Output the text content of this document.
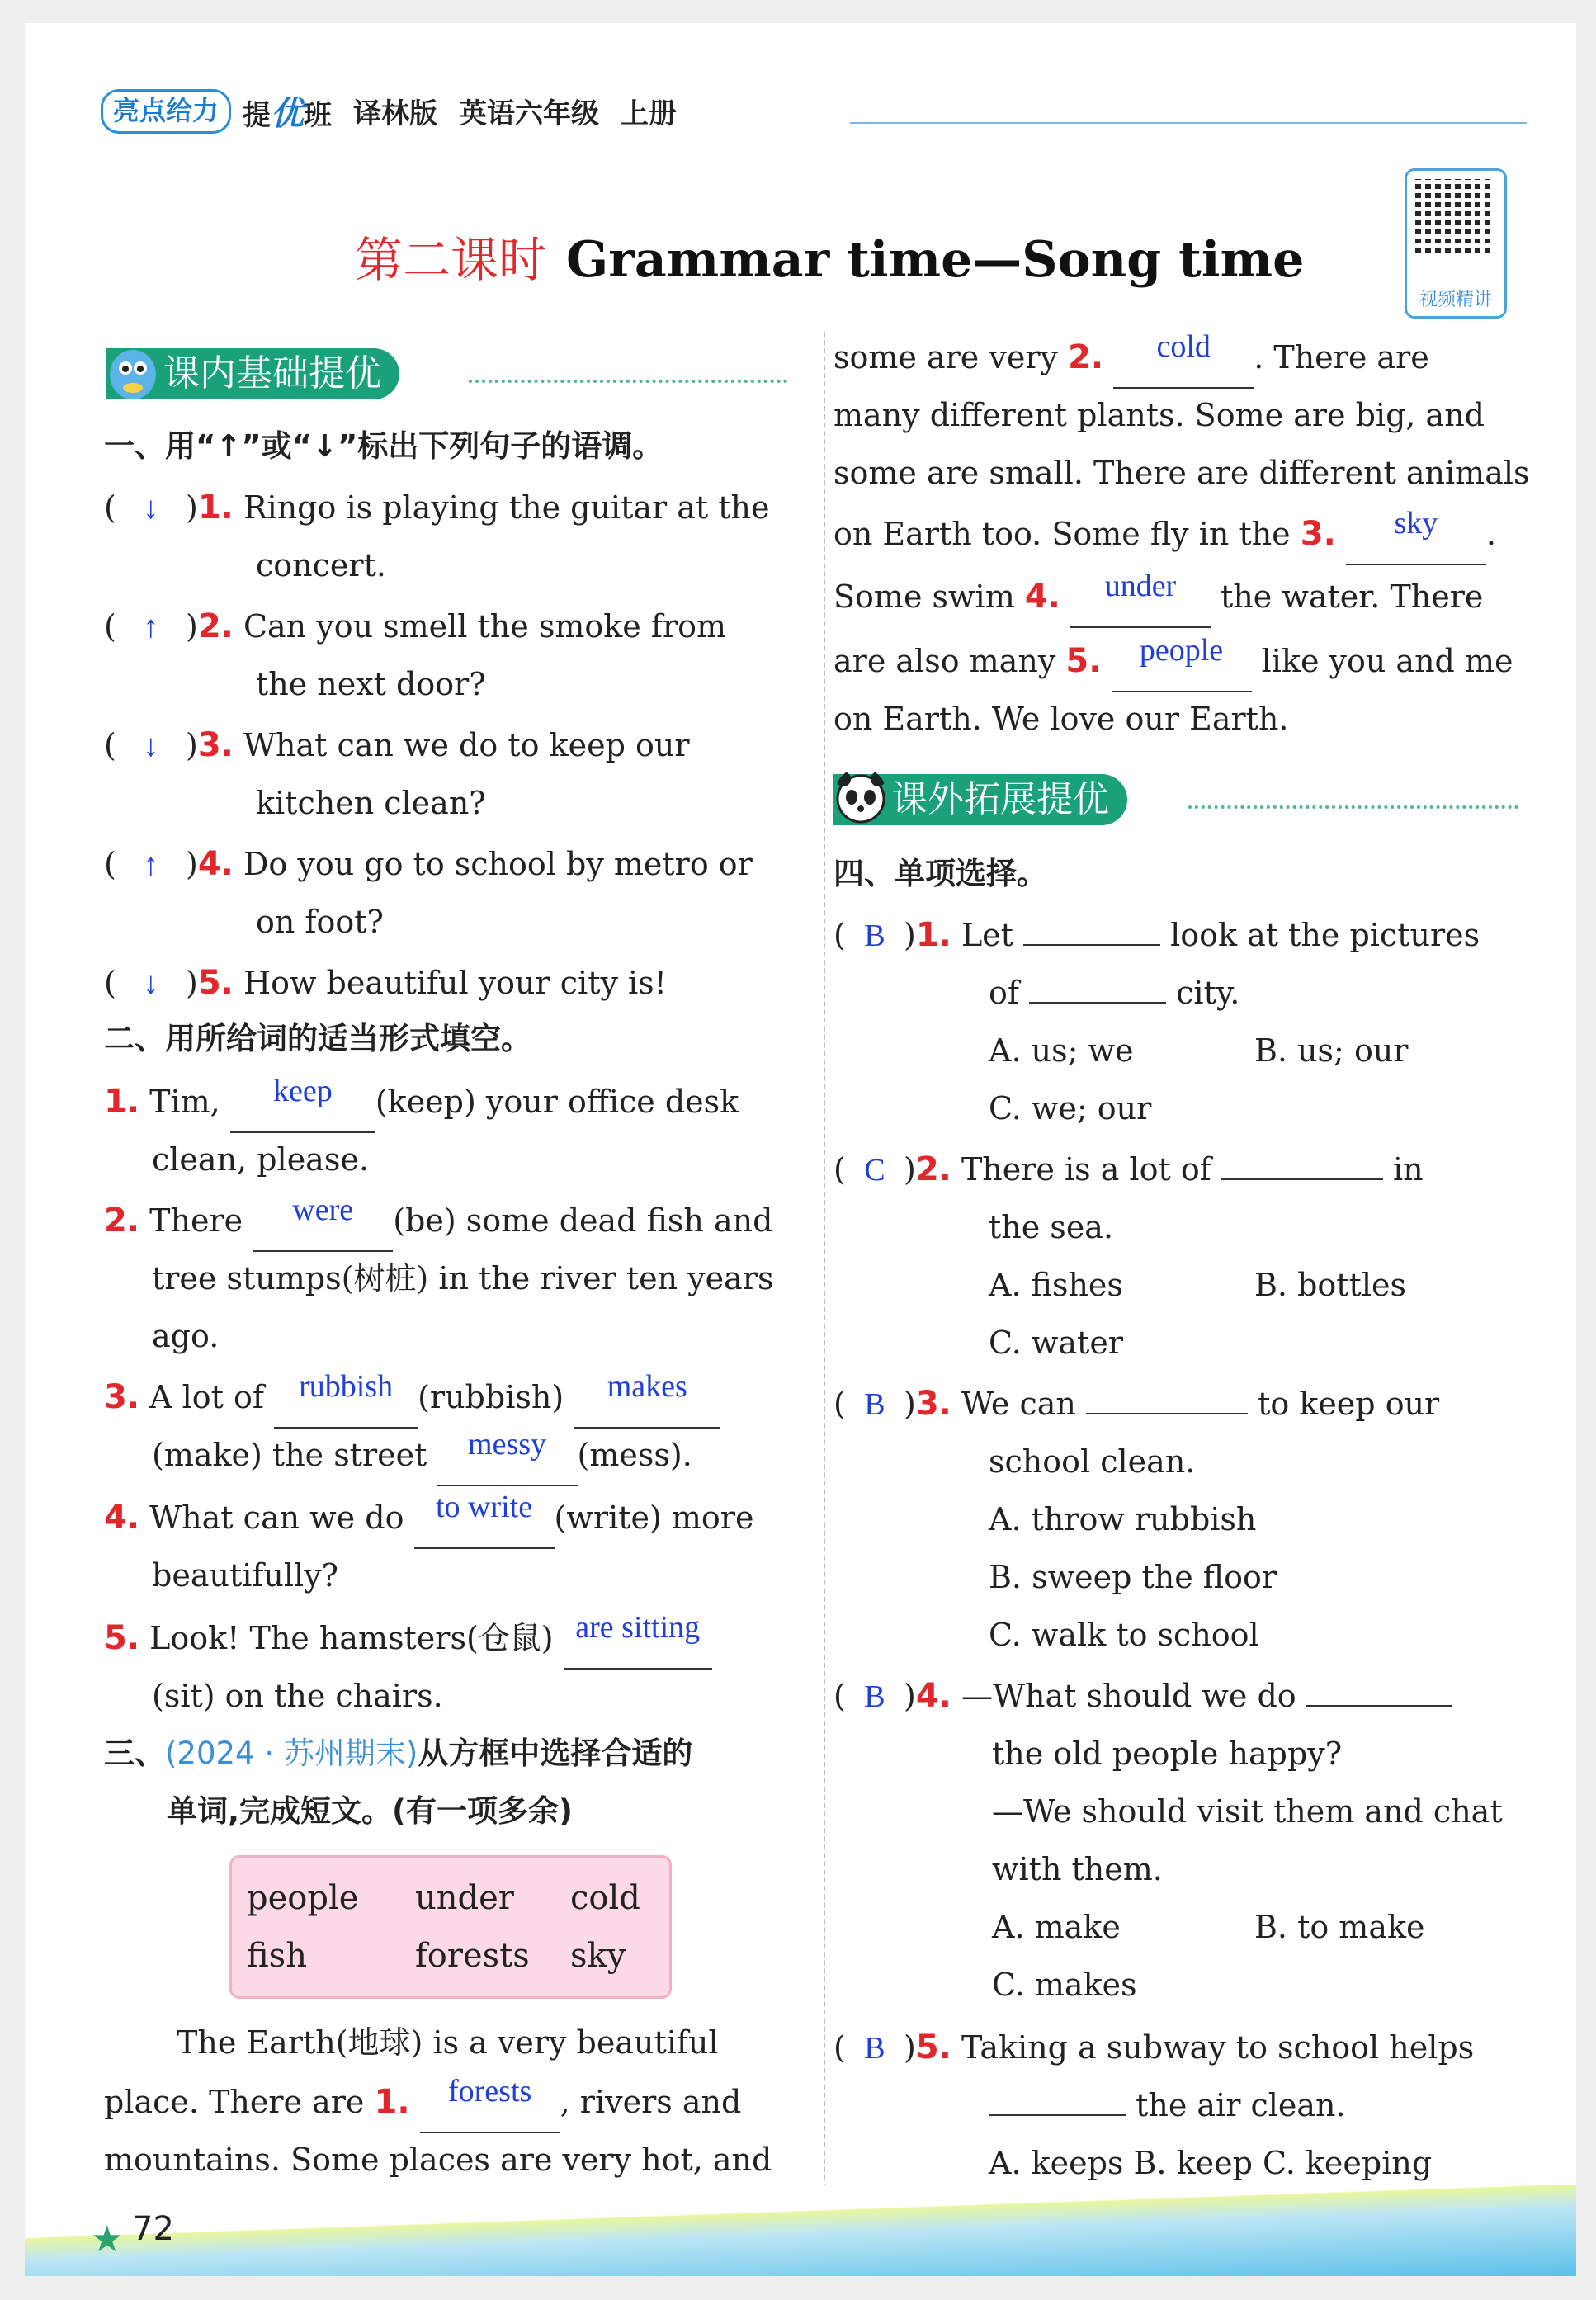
亮点给力 提优班 译林版 英语六年级 上册
第二课时 Grammar time—Song time
视频精讲
课内基础提优
一、用“↑”或“↓”标出下列句子的语调。
( ↓ )1. Ringo is playing the guitar at the
concert.
( ↑ )2. Can you smell the smoke from
the next door?
( ↓ )3. What can we do to keep our
kitchen clean?
( ↑ )4. Do you go to school by metro or
on foot?
( ↓ )5. How beautiful your city is!
二、用所给词的适当形式填空。
1. Tim, keep (keep) your office desk
clean, please.
2. There were (be) some dead fish and
tree stumps(树桩) in the river ten years
ago.
3. A lot of rubbish (rubbish) makes
(make) the street messy (mess).
4. What can we do to write (write) more
beautifully?
5. Look! The hamsters(仓鼠) are sitting
(sit) on the chairs.
三、(2024 · 苏州期末)从方框中选择合适的
单词,完成短文。(有一项多余)
people under cold
fish	forests sky
The Earth(地球) is a very beautiful
place. There are 1. forests , rivers and
mountains. Some places are very hot, and
some are very 2. cold . There are
many different plants. Some are big, and
some are small. There are different animals
on Earth too. Some fly in the 3. sky .
Some swim 4. under the water. There
are also many 5. people like you and me
on Earth. We love our Earth.
课外拓展提优
四、单项选择。
( B )1. Let	look at the pictures
of	city.
A. us; we	B. us; our
C. we; our
( C )2. There is a lot of	in
the sea.
A. fishes	B. bottles
C. water
( B )3. We can	to keep our
school clean.
A. throw rubbish
B. sweep the floor
C. walk to school
( B )4. —What should we do
the old people happy?
—We should visit them and chat
with them.
A. make	B. to make
C. makes
( B )5. Taking a subway to school helps
the air clean.
A. keeps B. keep C. keeping
★ 72
